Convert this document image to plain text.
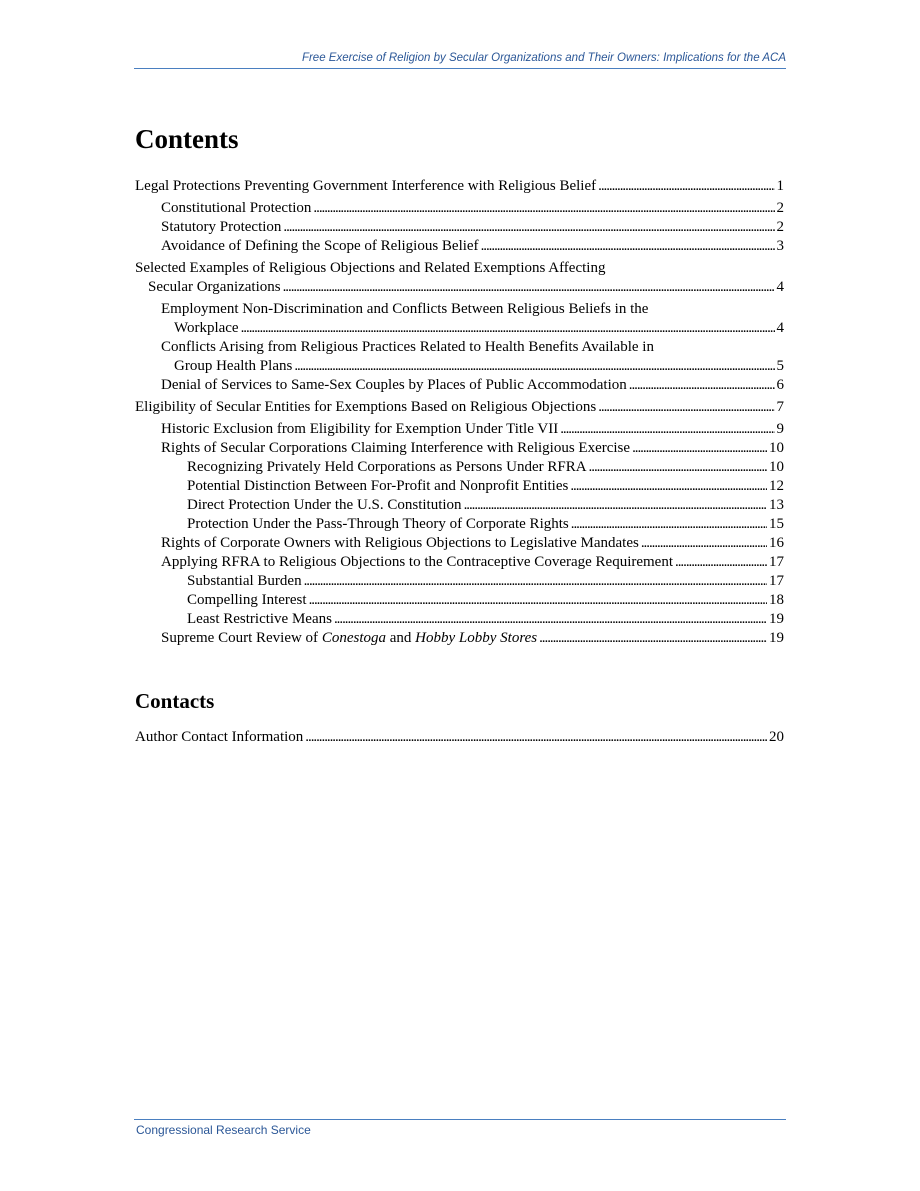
Free Exercise of Religion by Secular Organizations and Their Owners: Implications for the ACA
Contents
Legal Protections Preventing Government Interference with Religious Belief . . .	1
Constitutional Protection . . .	2
Statutory Protection . . .	2
Avoidance of Defining the Scope of Religious Belief . . .	3
Selected Examples of Religious Objections and Related Exemptions Affecting
Secular Organizations . . .	4
Employment Non-Discrimination and Conflicts Between Religious Beliefs in the
Workplace . . .	4
Conflicts Arising from Religious Practices Related to Health Benefits Available in
Group Health Plans . . .	5
Denial of Services to Same-Sex Couples by Places of Public Accommodation . . .	6
Eligibility of Secular Entities for Exemptions Based on Religious Objections . . .	7
Historic Exclusion from Eligibility for Exemption Under Title VII . . .	9
Rights of Secular Corporations Claiming Interference with Religious Exercise . . .	10
Recognizing Privately Held Corporations as Persons Under RFRA . . .	10
Potential Distinction Between For-Profit and Nonprofit Entities . . .	12
Direct Protection Under the U.S. Constitution . . .	13
Protection Under the Pass-Through Theory of Corporate Rights . . .	15
Rights of Corporate Owners with Religious Objections to Legislative Mandates . . .	16
Applying RFRA to Religious Objections to the Contraceptive Coverage Requirement . . .	17
Substantial Burden . . .	17
Compelling Interest . . .	18
Least Restrictive Means . . .	19
Supreme Court Review of Conestoga and Hobby Lobby Stores . . .	19
Contacts
Author Contact Information . . .	20
Congressional Research Service
